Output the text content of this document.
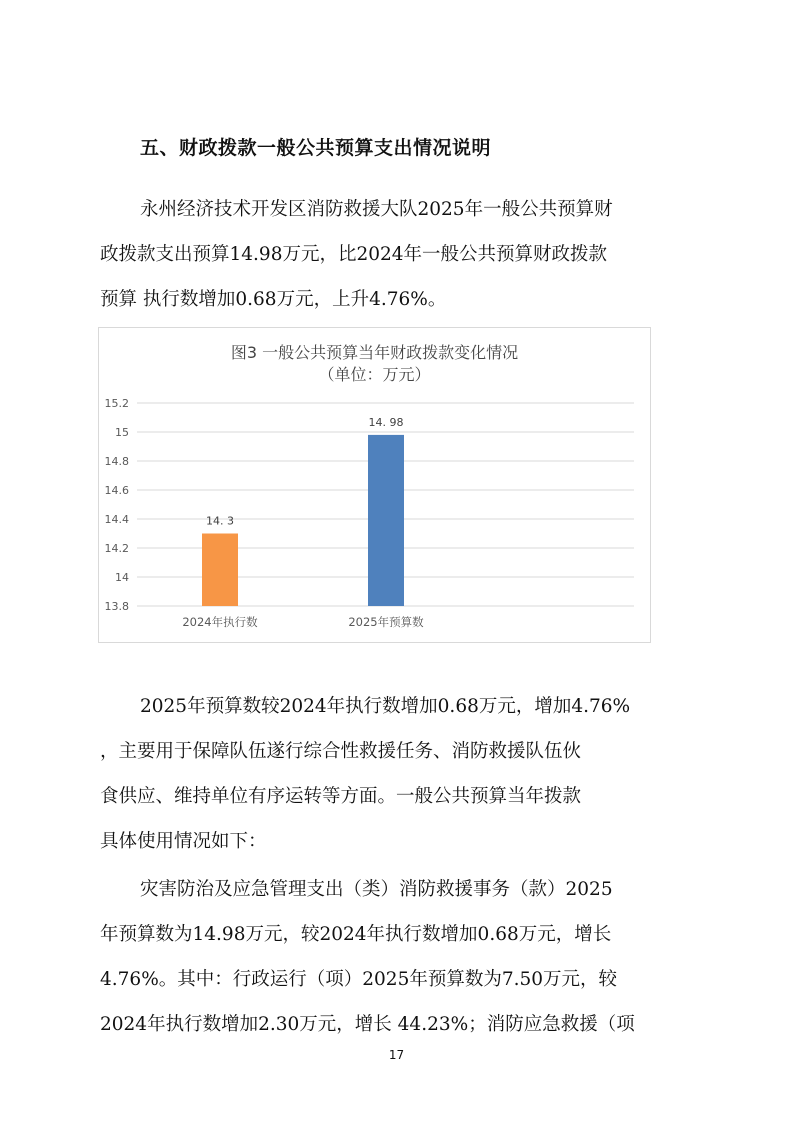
五、财政拨款一般公共预算支出情况说明
永州经济技术开发区消防救援大队2025年一般公共预算财
政拨款支出预算14.98万元，比2024年一般公共预算财政拨款
预算 执行数增加0.68万元，上升4.76%。
图3 一般公共预算当年财政拨款变化情况
（单位：万元）
13.8
14
14.2
14.4
14.6
14.8
15
15.2
14. 3
2024年执行数
14. 98
2025年预算数
2025年预算数较2024年执行数增加0.68万元，增加4.76%
，主要用于保障队伍遂行综合性救援任务、消防救援队伍伙
食供应、维持单位有序运转等方面。一般公共预算当年拨款
具体使用情况如下：
灾害防治及应急管理支出（类）消防救援事务（款）2025
年预算数为14.98万元，较2024年执行数增加0.68万元，增长
4.76%。其中：行政运行（项）2025年预算数为7.50万元，较
2024年执行数增加2.30万元，增长 44.23%；消防应急救援（项
17
